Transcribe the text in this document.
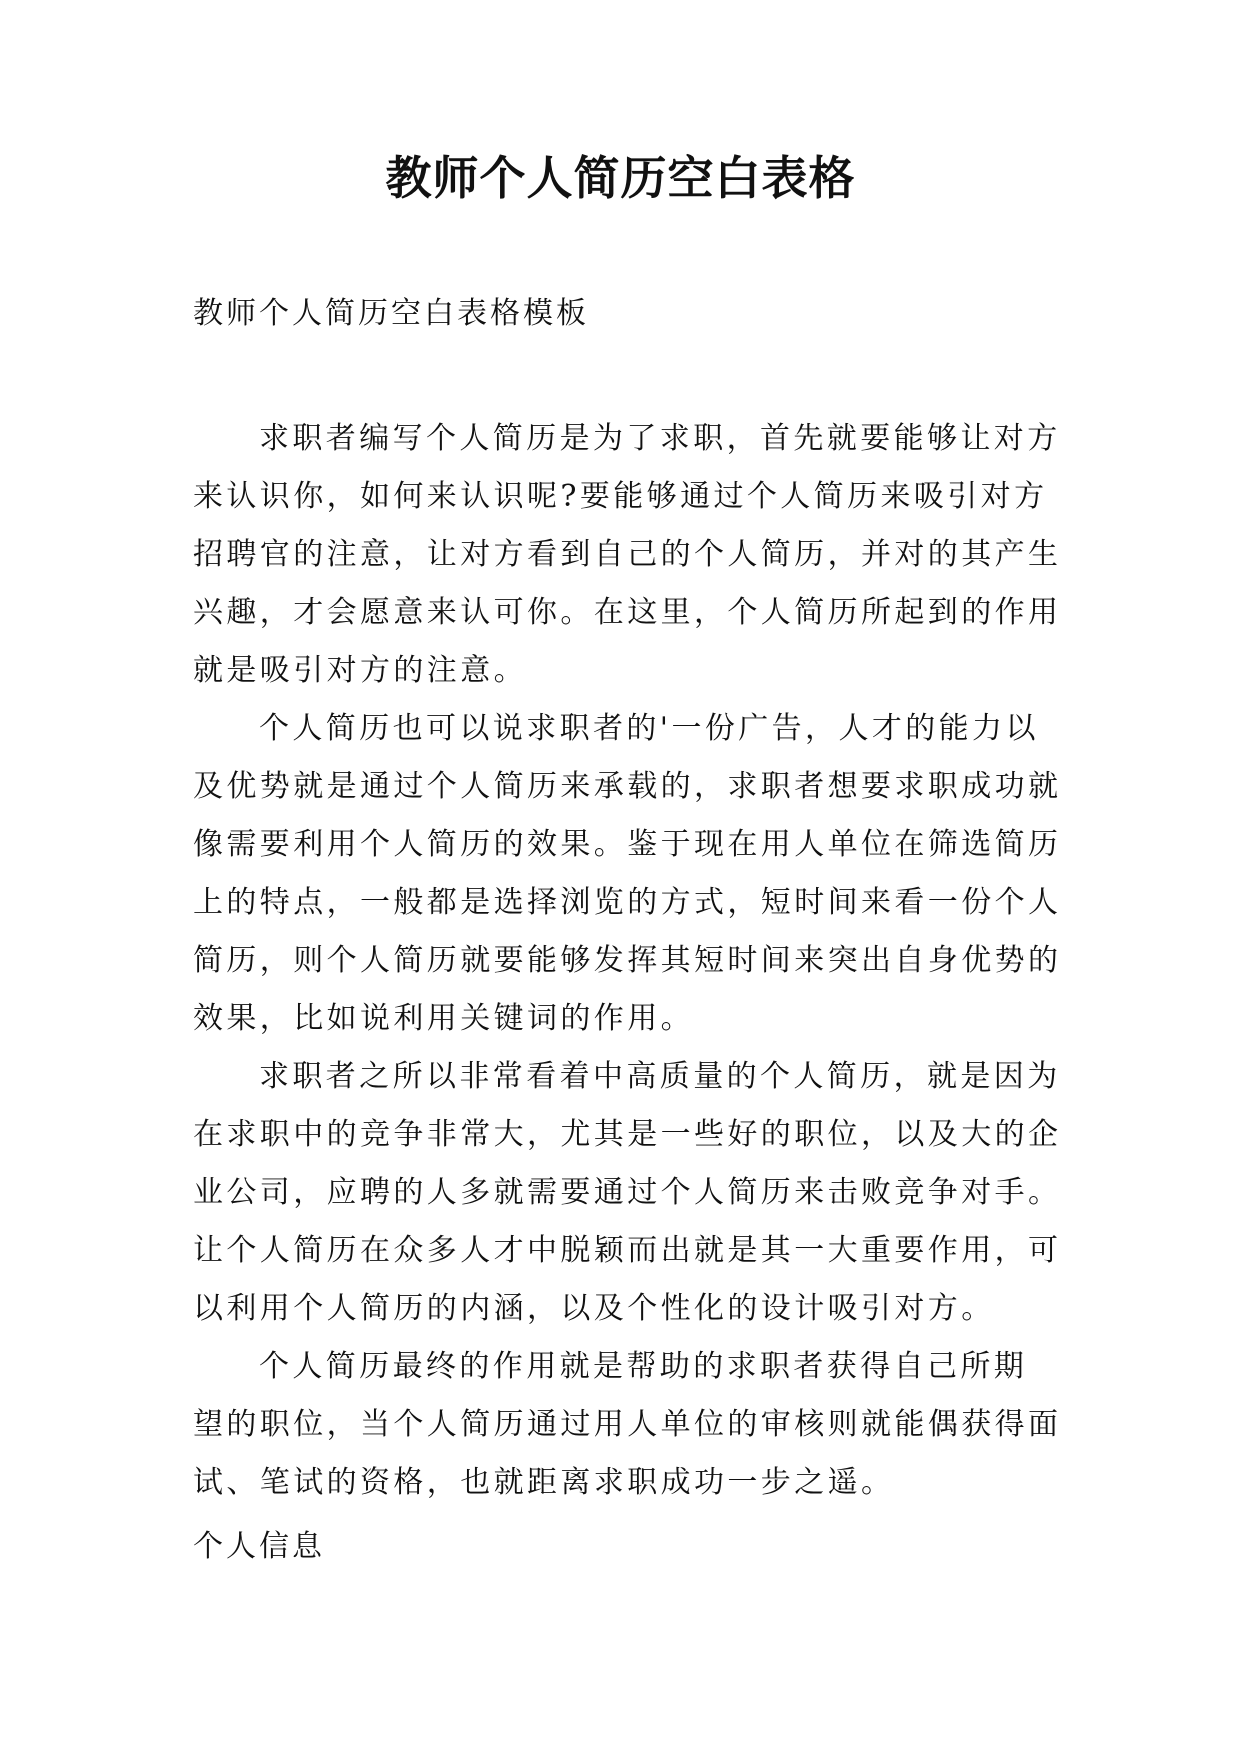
教师个人简历空白表格

教师个人简历空白表格模板

求职者编写个人简历是为了求职，首先就要能够让对方
来认识你，如何来认识呢?要能够通过个人简历来吸引对方
招聘官的注意，让对方看到自己的个人简历，并对的其产生
兴趣，才会愿意来认可你。在这里，个人简历所起到的作用
就是吸引对方的注意。

个人简历也可以说求职者的'一份广告，人才的能力以
及优势就是通过个人简历来承载的，求职者想要求职成功就
像需要利用个人简历的效果。鉴于现在用人单位在筛选简历
上的特点，一般都是选择浏览的方式，短时间来看一份个人
简历，则个人简历就要能够发挥其短时间来突出自身优势的
效果，比如说利用关键词的作用。

求职者之所以非常看着中高质量的个人简历，就是因为
在求职中的竞争非常大，尤其是一些好的职位，以及大的企
业公司，应聘的人多就需要通过个人简历来击败竞争对手。
让个人简历在众多人才中脱颖而出就是其一大重要作用，可
以利用个人简历的内涵，以及个性化的设计吸引对方。

个人简历最终的作用就是帮助的求职者获得自己所期
望的职位，当个人简历通过用人单位的审核则就能偶获得面
试、笔试的资格，也就距离求职成功一步之遥。

个人信息
